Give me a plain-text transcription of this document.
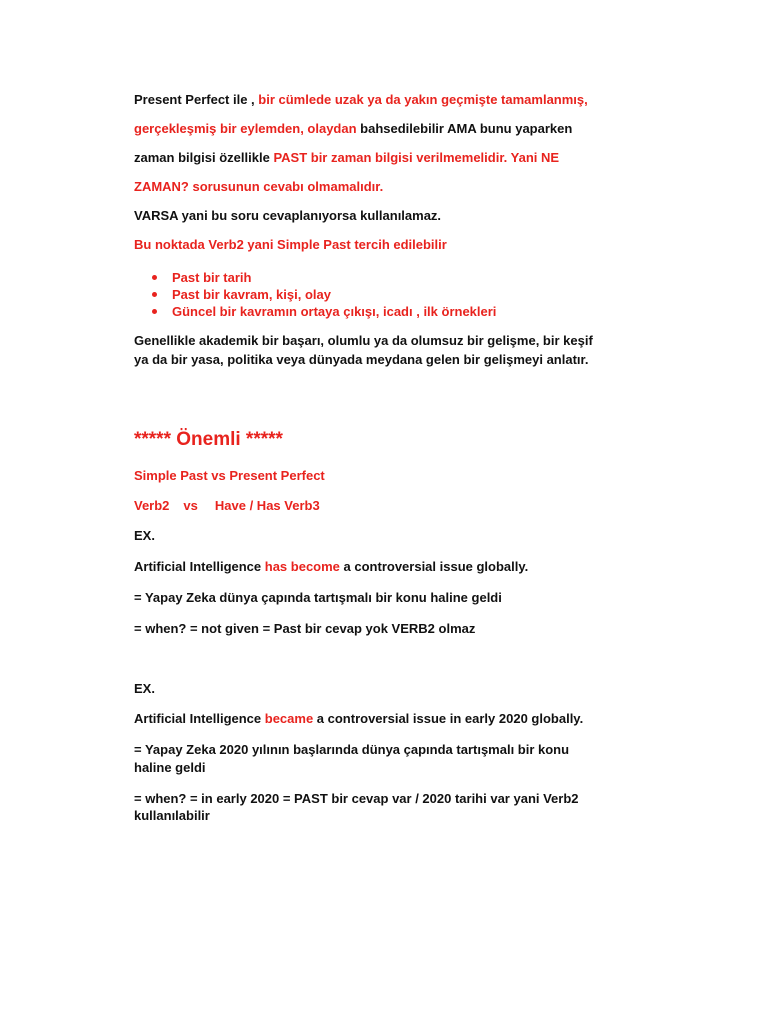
Present Perfect ile , bir cümlede uzak ya da yakın geçmişte tamamlanmış,
gerçekleşmiş bir eylemden, olaydan bahsedilebilir AMA bunu yaparken
zaman bilgisi özellikle PAST bir zaman bilgisi verilmemelidir. Yani NE
ZAMAN? sorusunun cevabı olmamalıdır.
VARSA yani bu soru cevaplanıyorsa kullanılamaz.
Bu noktada Verb2 yani Simple Past tercih edilebilir
Past bir tarih
Past bir kavram, kişi, olay
Güncel bir kavramın ortaya çıkışı, icadı , ilk örnekleri
Genellikle akademik bir başarı, olumlu ya da olumsuz bir gelişme, bir keşif
ya da bir yasa, politika veya dünyada meydana gelen bir gelişmeyi anlatır.
***** Önemli *****
Simple Past vs Present Perfect
Verb2 vs Have / Has Verb3
EX.
Artificial Intelligence has become a controversial issue globally.
= Yapay Zeka dünya çapında tartışmalı bir konu haline geldi
= when? = not given = Past bir cevap yok VERB2 olmaz
EX.
Artificial Intelligence became a controversial issue in early 2020 globally.
= Yapay Zeka 2020 yılının başlarında dünya çapında tartışmalı bir konu
haline geldi
= when? = in early 2020 = PAST bir cevap var / 2020 tarihi var yani Verb2
kullanılabilir
